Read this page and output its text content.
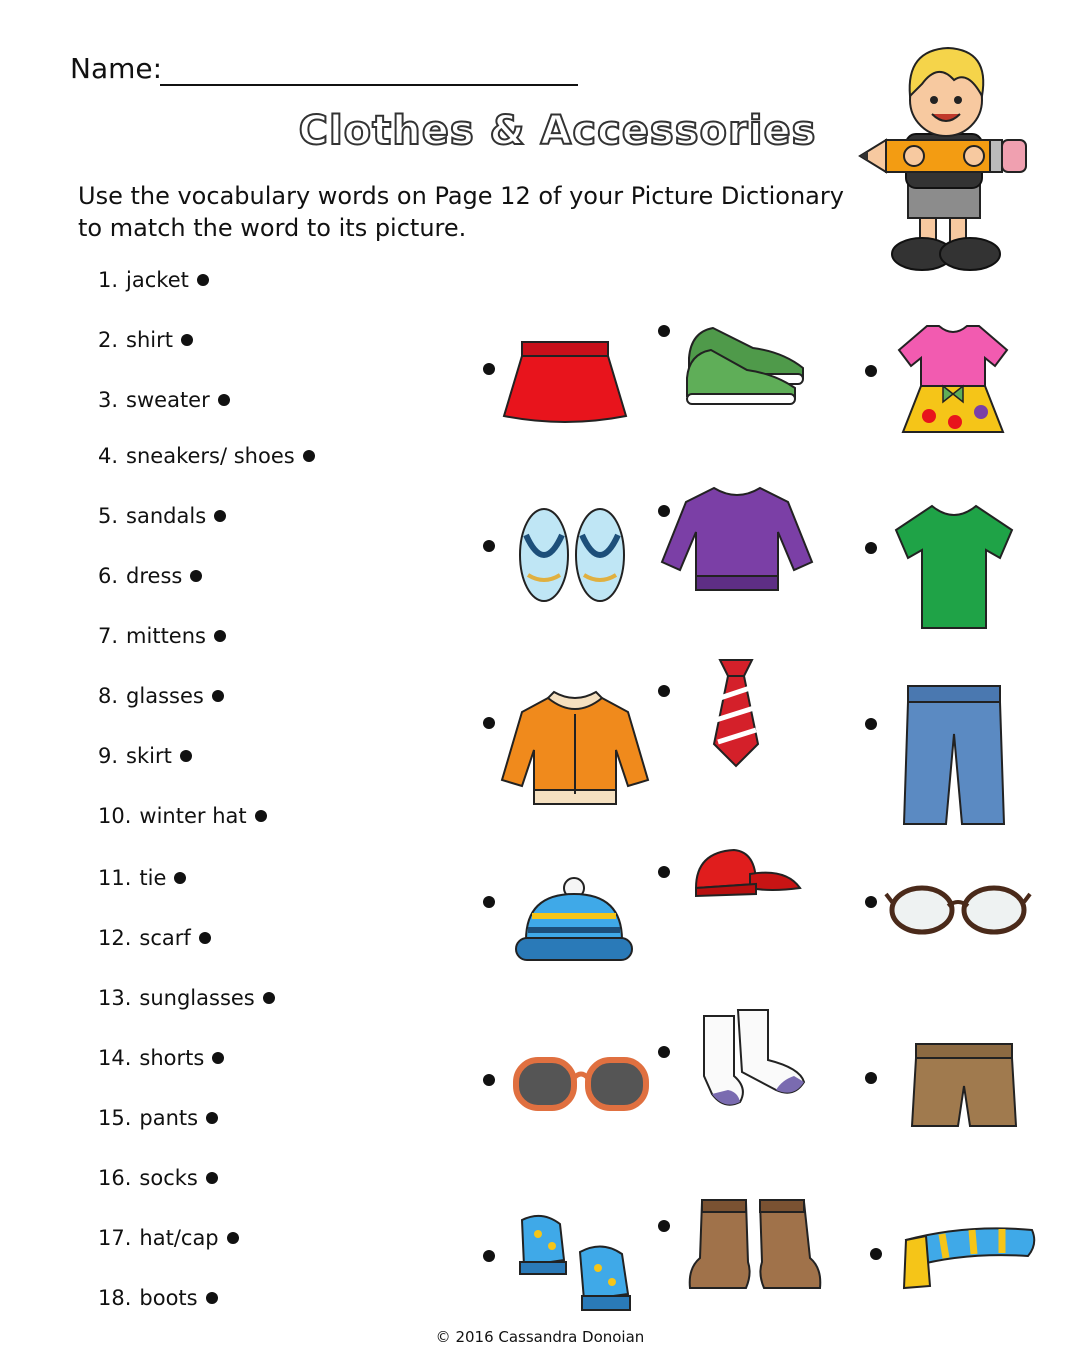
Name:
Clothes & Accessories
Use the vocabulary words on Page 12 of your Picture Dictionary
to match the word to its picture.
1. jacket
2. shirt
3. sweater
4. sneakers/ shoes
5. sandals
6. dress
7. mittens
8. glasses
9. skirt
10. winter hat
11. tie
12. scarf
13. sunglasses
14. shorts
15. pants
16. socks
17. hat/cap
18. boots
© 2016 Cassandra Donoian
